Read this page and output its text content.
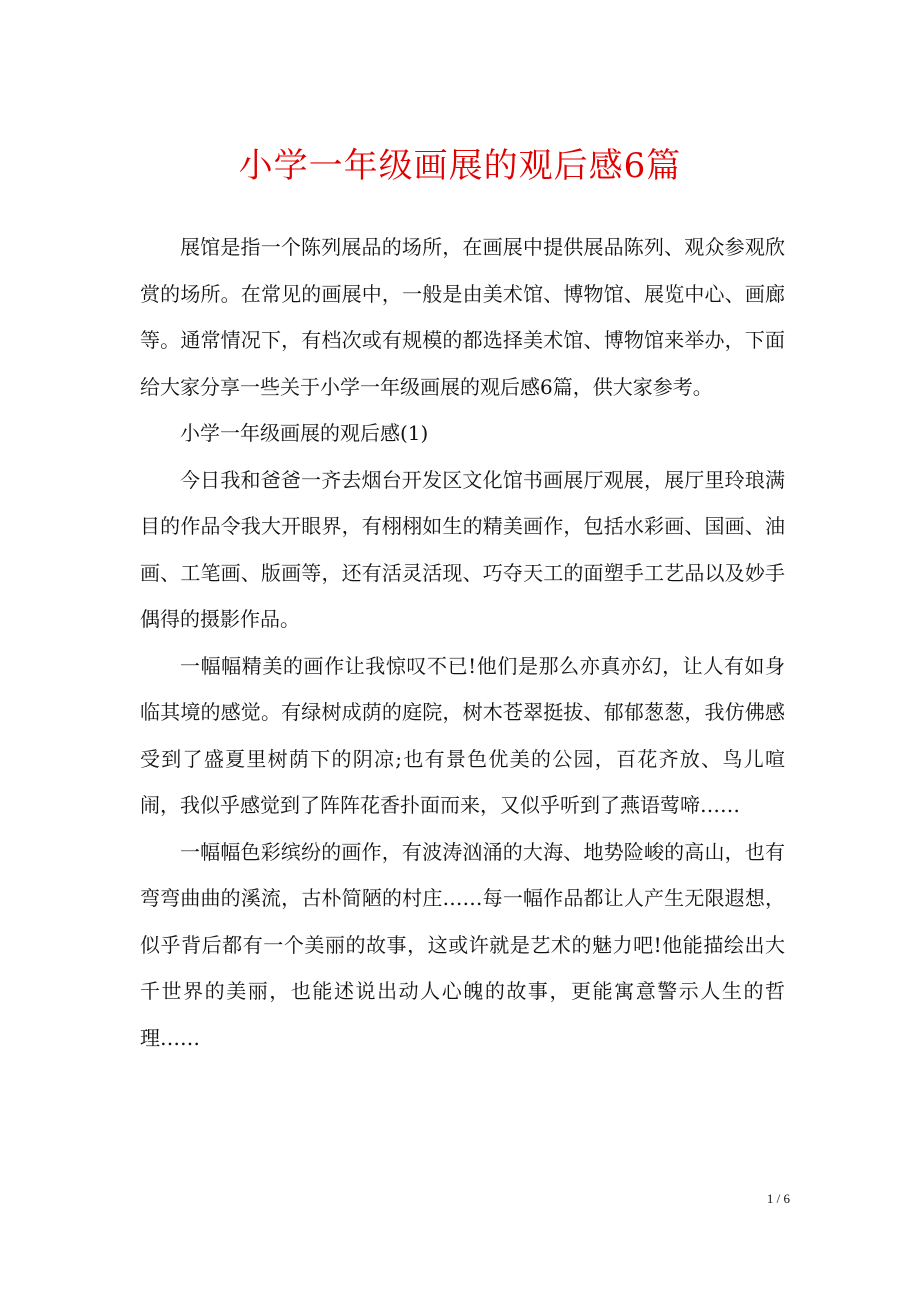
小学一年级画展的观后感6篇

展馆是指一个陈列展品的场所，在画展中提供展品陈列、观众参观欣赏的场所。在常见的画展中，一般是由美术馆、博物馆、展览中心、画廊等。通常情况下，有档次或有规模的都选择美术馆、博物馆来举办，下面给大家分享一些关于小学一年级画展的观后感6篇，供大家参考。

小学一年级画展的观后感(1)

今日我和爸爸一齐去烟台开发区文化馆书画展厅观展，展厅里玲琅满目的作品令我大开眼界，有栩栩如生的精美画作，包括水彩画、国画、油画、工笔画、版画等，还有活灵活现、巧夺天工的面塑手工艺品以及妙手偶得的摄影作品。

一幅幅精美的画作让我惊叹不已!他们是那么亦真亦幻，让人有如身临其境的感觉。有绿树成荫的庭院，树木苍翠挺拔、郁郁葱葱，我仿佛感受到了盛夏里树荫下的阴凉;也有景色优美的公园，百花齐放、鸟儿喧闹，我似乎感觉到了阵阵花香扑面而来，又似乎听到了燕语莺啼……

一幅幅色彩缤纷的画作，有波涛汹涌的大海、地势险峻的高山，也有弯弯曲曲的溪流，古朴简陋的村庄……每一幅作品都让人产生无限遐想，似乎背后都有一个美丽的故事，这或许就是艺术的魅力吧!他能描绘出大千世界的美丽，也能述说出动人心魄的故事，更能寓意警示人生的哲理……

1 / 6
